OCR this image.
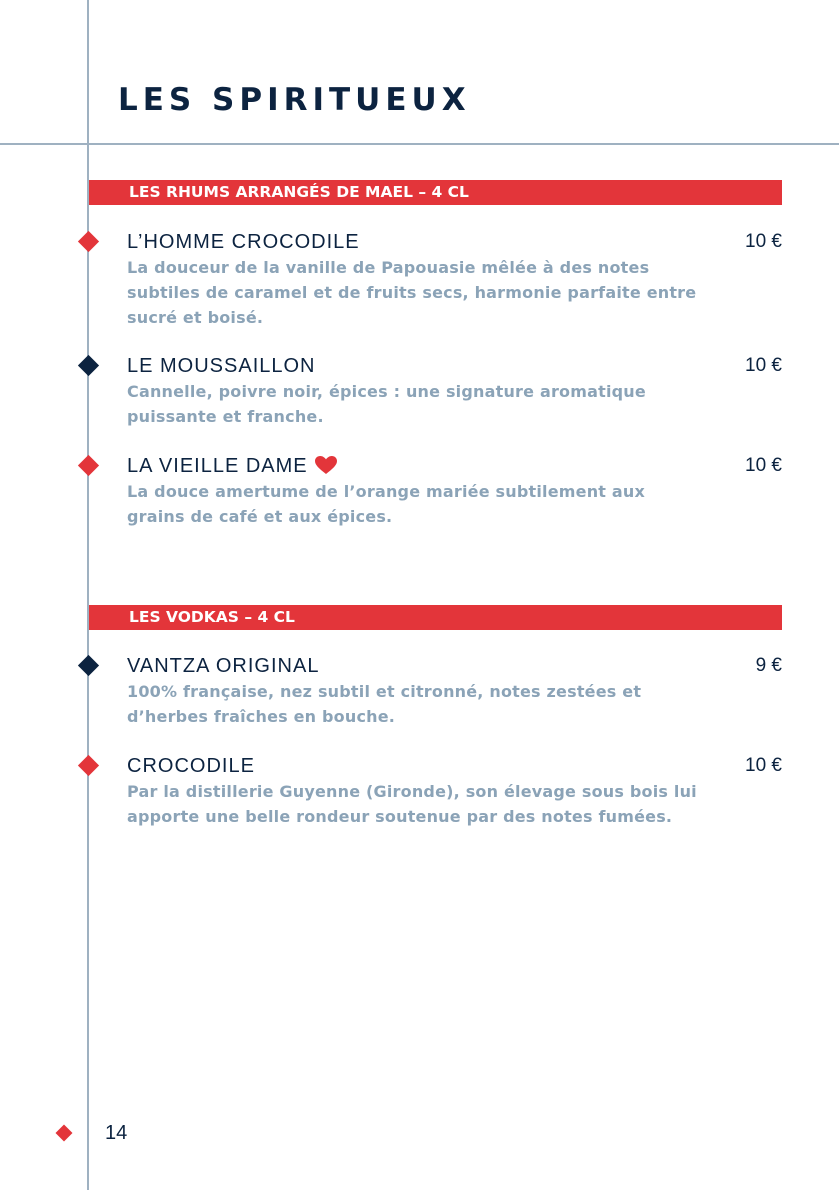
LES SPIRITUEUX
LES RHUMS ARRANGÉS DE MAEL – 4 CL
L’HOMME CROCODILE	10 €
La douceur de la vanille de Papouasie mêlée à des notes subtiles de caramel et de fruits secs, harmonie parfaite entre sucré et boisé.
LE MOUSSAILLON	10 €
Cannelle, poivre noir, épices : une signature aromatique puissante et franche.
LA VIEILLE DAME	10 €
La douce amertume de l’orange mariée subtilement aux grains de café et aux épices.
LES VODKAS – 4 CL
VANTZA ORIGINAL	9 €
100% française, nez subtil et citronné, notes zestées et d’herbes fraîches en bouche.
CROCODILE	10 €
Par la distillerie Guyenne (Gironde), son élevage sous bois lui apporte une belle rondeur soutenue par des notes fumées.
14
